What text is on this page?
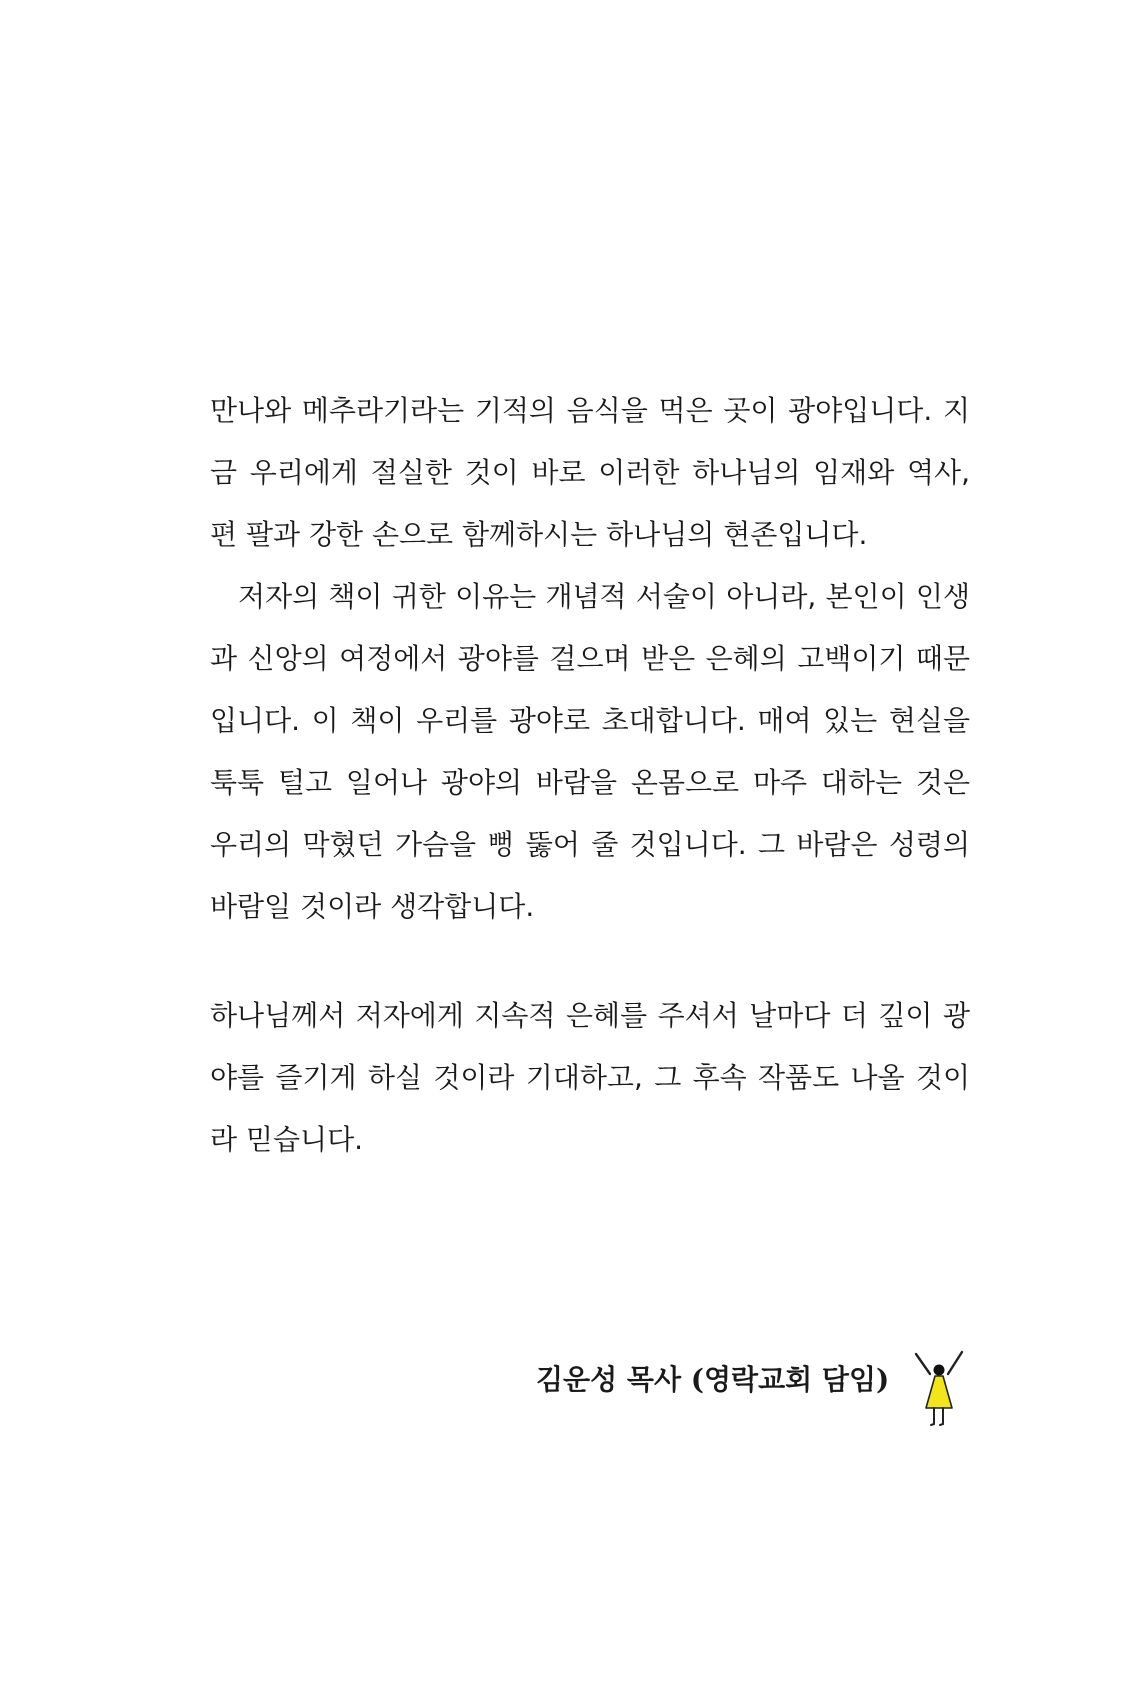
만나와 메추라기라는 기적의 음식을 먹은 곳이 광야입니다. 지
금 우리에게 절실한 것이 바로 이러한 하나님의 임재와 역사,
편 팔과 강한 손으로 함께하시는 하나님의 현존입니다.
저자의 책이 귀한 이유는 개념적 서술이 아니라, 본인이 인생
과 신앙의 여정에서 광야를 걸으며 받은 은혜의 고백이기 때문
입니다. 이 책이 우리를 광야로 초대합니다. 매여 있는 현실을
툭툭 털고 일어나 광야의 바람을 온몸으로 마주 대하는 것은
우리의 막혔던 가슴을 뻥 뚫어 줄 것입니다. 그 바람은 성령의
바람일 것이라 생각합니다.
하나님께서 저자에게 지속적 은혜를 주셔서 날마다 더 깊이 광
야를 즐기게 하실 것이라 기대하고, 그 후속 작품도 나올 것이
라 믿습니다.
김운성 목사 (영락교회 담임)
